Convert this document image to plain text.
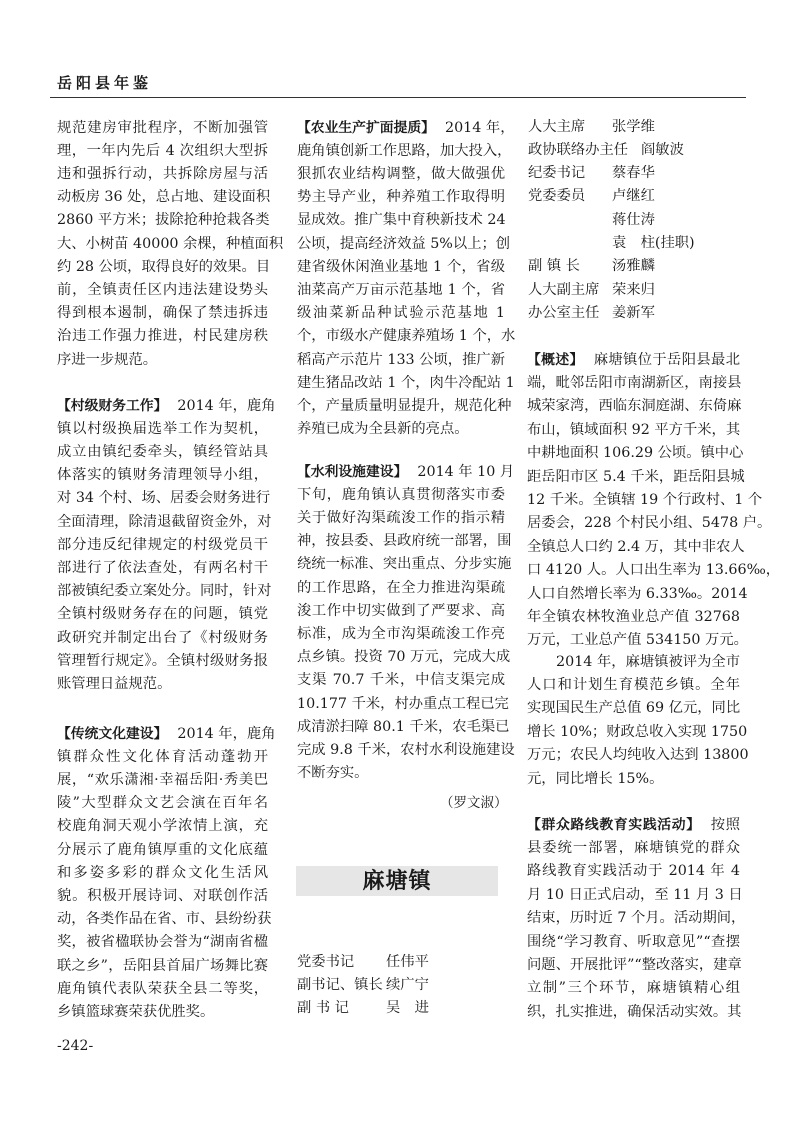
岳阳县年鉴
规范建房审批程序，不断加强管
理，一年内先后 4 次组织大型拆
违和强拆行动，共拆除房屋与活
动板房 36 处，总占地、建设面积
2860 平方米；拔除抢种抢栽各类
大、小树苗 40000 余棵，种植面积
约 28 公顷，取得良好的效果。目
前，全镇责任区内违法建设势头
得到根本遏制，确保了禁违拆违
治违工作强力推进，村民建房秩
序进一步规范。
【村级财务工作】 2014 年，鹿角
镇以村级换届选举工作为契机，
成立由镇纪委牵头，镇经管站具
体落实的镇财务清理领导小组，
对 34 个村、场、居委会财务进行
全面清理，除清退截留资金外，对
部分违反纪律规定的村级党员干
部进行了依法查处，有两名村干
部被镇纪委立案处分。同时，针对
全镇村级财务存在的问题，镇党
政研究并制定出台了《村级财务
管理暂行规定》。全镇村级财务报
账管理日益规范。
【传统文化建设】 2014 年，鹿角
镇群众性文化体育活动蓬勃开
展，“欢乐潇湘·幸福岳阳·秀美巴
陵”大型群众文艺会演在百年名
校鹿角洞天观小学浓情上演，充
分展示了鹿角镇厚重的文化底蕴
和多姿多彩的群众文化生活风
貌。积极开展诗词、对联创作活
动，各类作品在省、市、县纷纷获
奖，被省楹联协会誉为“湖南省楹
联之乡”，岳阳县首届广场舞比赛
鹿角镇代表队荣获全县二等奖，
乡镇篮球赛荣获优胜奖。
【农业生产扩面提质】 2014 年，
鹿角镇创新工作思路，加大投入，
狠抓农业结构调整，做大做强优
势主导产业，种养殖工作取得明
显成效。推广集中育秧新技术 24
公顷，提高经济效益 5%以上；创
建省级休闲渔业基地 1 个，省级
油菜高产万亩示范基地 1 个，省
级油菜新品种试验示范基地 1
个，市级水产健康养殖场 1 个，水
稻高产示范片 133 公顷，推广新
建生猪品改站 1 个，肉牛冷配站 1
个，产量质量明显提升，规范化种
养殖已成为全县新的亮点。
【水利设施建设】 2014 年 10 月
下旬，鹿角镇认真贯彻落实市委
关于做好沟渠疏浚工作的指示精
神，按县委、县政府统一部署，围
绕统一标准、突出重点、分步实施
的工作思路，在全力推进沟渠疏
浚工作中切实做到了严要求、高
标准，成为全市沟渠疏浚工作亮
点乡镇。投资 70 万元，完成大成
支渠 70.7 千米，中信支渠完成
10.177 千米，村办重点工程已完
成清淤扫障 80.1 千米，农毛渠已
完成 9.8 千米，农村水利设施建设
不断夯实。
【概述】 麻塘镇位于岳阳县最北
端，毗邻岳阳市南湖新区，南接县
城荣家湾，西临东洞庭湖、东倚麻
布山，镇域面积 92 平方千米，其
中耕地面积 106.29 公顷。镇中心
距岳阳市区 5.4 千米，距岳阳县城
12 千米。全镇辖 19 个行政村、1 个
居委会，228 个村民小组、5478 户。
全镇总人口约 2.4 万，其中非农人
口 4120 人。人口出生率为 13.66‰，
人口自然增长率为 6.33‰。2014
年全镇农林牧渔业总产值 32768
万元，工业总产值 534150 万元。
2014 年，麻塘镇被评为全市
人口和计划生育模范乡镇。全年
实现国民生产总值 69 亿元，同比
增长 10%；财政总收入实现 1750
万元；农民人均纯收入达到 13800
元，同比增长 15%。
【群众路线教育实践活动】 按照
县委统一部署，麻塘镇党的群众
路线教育实践活动于 2014 年 4
月 10 日正式启动，至 11 月 3 日
结束，历时近 7 个月。活动期间，
围绕“学习教育、听取意见”“查摆
问题、开展批评”“整改落实，建章
立制”三个环节，麻塘镇精心组
织，扎实推进，确保活动实效。其
（罗文淑）
麻塘镇
党委书记 任伟平
副书记、镇长 续广宁
副 书 记	吴　进
人大主席 张学维
政协联络办主任 阎敏波
纪委书记 蔡春华
党委委员 卢继红
蒋仕涛
袁　柱(挂职)
副 镇 长 汤雅麟
人大副主席 荣来归
办公室主任 姜新军
-242-
